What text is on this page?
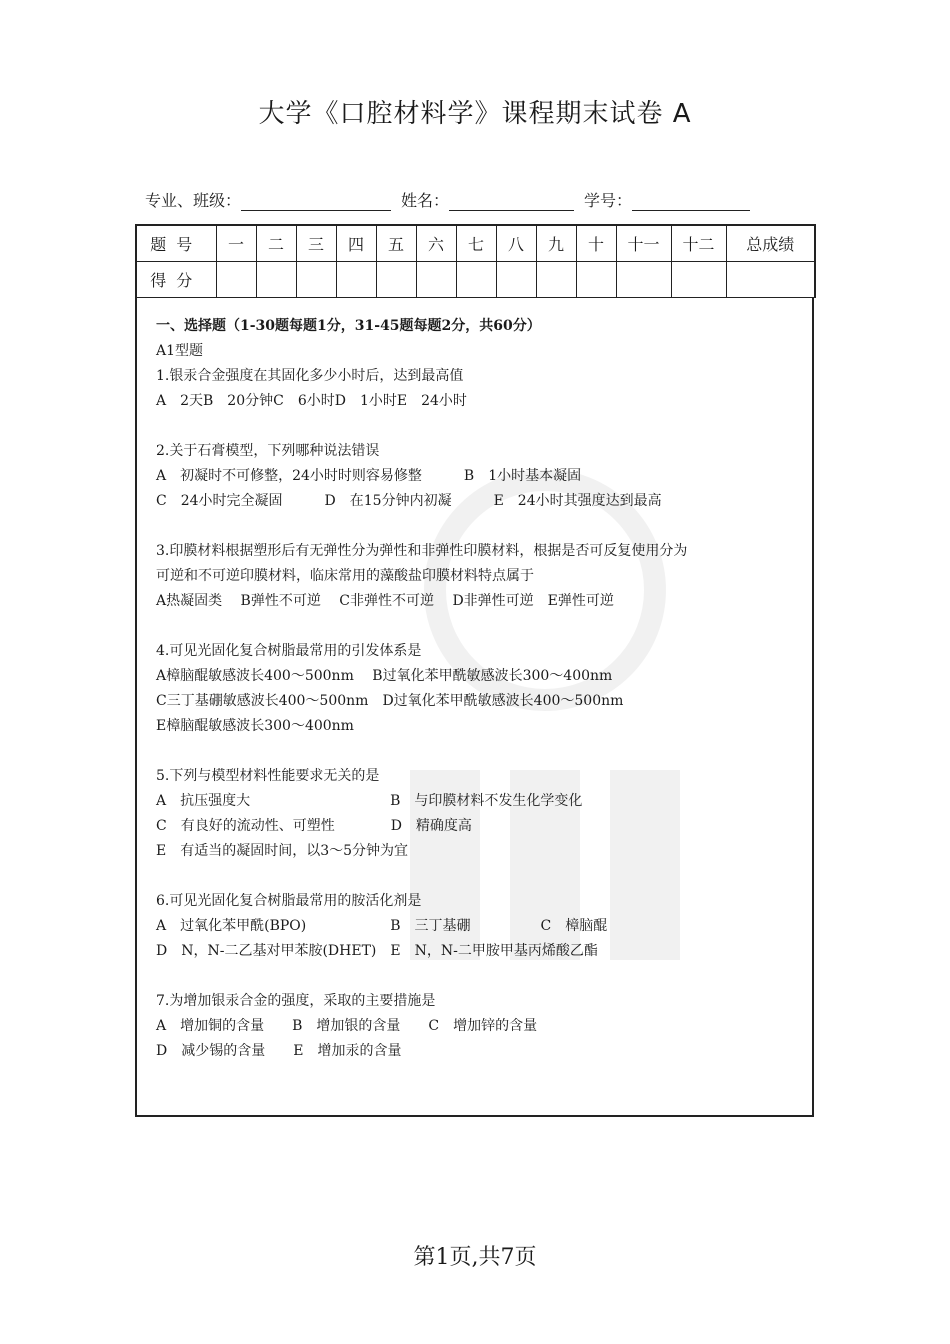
大学《口腔材料学》课程期末试卷 A
专业、班级：	姓名：	学号：
题号	一	二	三	四	五	六	七	八	九	十	十一	十二	总成绩
得分													

一、选择题（1-30题每题1分，31-45题每题2分，共60分）

A1型题

1.银汞合金强度在其固化多少小时后，达到最高值

A　2天B　20分钟C　6小时D　1小时E　24小时

2.关于石膏模型，下列哪种说法错误

A　初凝时不可修整，24小时时则容易修整　　　B　1小时基本凝固

C　24小时完全凝固　　　D　在15分钟内初凝　　　E　24小时其强度达到最高

3.印膜材料根据塑形后有无弹性分为弹性和非弹性印膜材料，根据是否可反复使用分为

可逆和不可逆印膜材料，临床常用的藻酸盐印膜材料特点属于

A热凝固类　 B弹性不可逆　 C非弹性不可逆　 D非弹性可逆　E弹性可逆

4.可见光固化复合树脂最常用的引发体系是

A樟脑醌敏感波长400～500nm　 B过氧化苯甲酰敏感波长300～400nm

C三丁基硼敏感波长400～500nm　D过氧化苯甲酰敏感波长400～500nm

E樟脑醌敏感波长300～400nm

5.下列与模型材料性能要求无关的是

A　抗压强度大　　　　　　　　　　B　与印膜材料不发生化学变化

C　有良好的流动性、可塑性　　　　D　精确度高

E　有适当的凝固时间，以3～5分钟为宜

6.可见光固化复合树脂最常用的胺活化剂是

A　过氧化苯甲酰(BPO)　　　　　　B　三丁基硼　　　　　C　樟脑醌

D　N，N-二乙基对甲苯胺(DHET)　E　N，N-二甲胺甲基丙烯酸乙酯

7.为增加银汞合金的强度，采取的主要措施是

A　增加铜的含量　　B　增加银的含量　　C　增加锌的含量

D　减少锡的含量　　E　增加汞的含量

第1页,共7页
